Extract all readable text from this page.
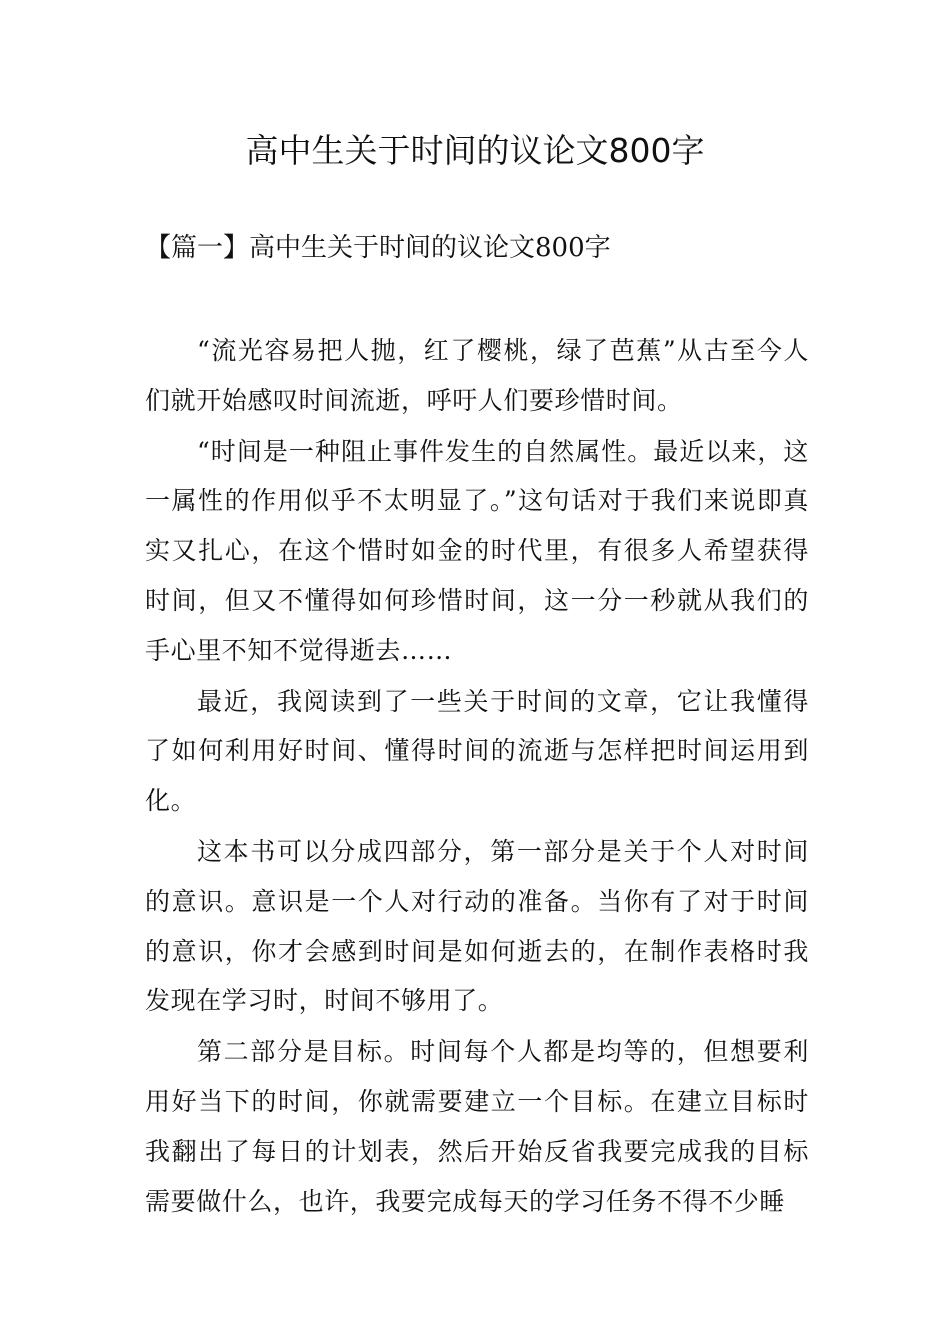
高中生关于时间的议论文800字
【篇一】高中生关于时间的议论文800字

“流光容易把人抛，红了樱桃，绿了芭蕉”从古至今人们就开始感叹时间流逝，呼吁人们要珍惜时间。

“时间是一种阻止事件发生的自然属性。最近以来，这一属性的作用似乎不太明显了。”这句话对于我们来说即真实又扎心，在这个惜时如金的时代里，有很多人希望获得时间，但又不懂得如何珍惜时间，这一分一秒就从我们的手心里不知不觉得逝去……

最近，我阅读到了一些关于时间的文章，它让我懂得了如何利用好时间、懂得时间的流逝与怎样把时间运用到化。

这本书可以分成四部分，第一部分是关于个人对时间的意识。意识是一个人对行动的准备。当你有了对于时间的意识，你才会感到时间是如何逝去的，在制作表格时我发现在学习时，时间不够用了。

第二部分是目标。时间每个人都是均等的，但想要利用好当下的时间，你就需要建立一个目标。在建立目标时我翻出了每日的计划表，然后开始反省我要完成我的目标需要做什么，也许，我要完成每天的学习任务不得不少睡
